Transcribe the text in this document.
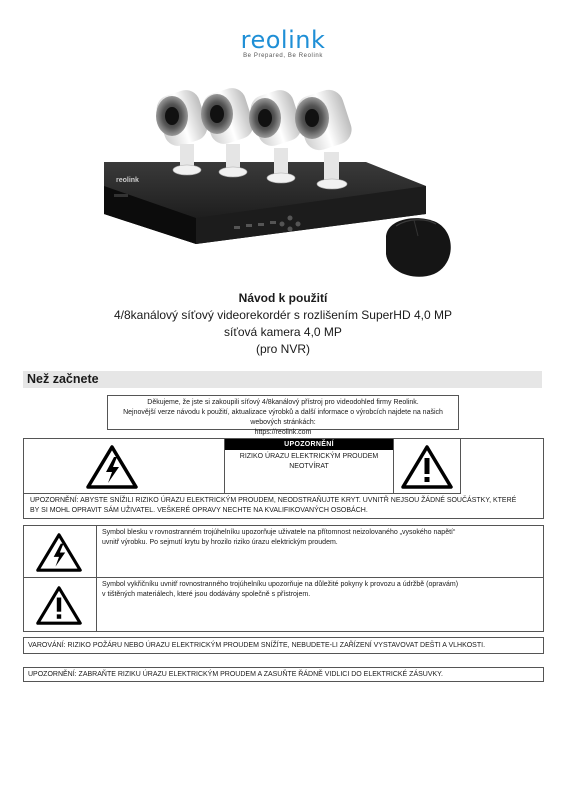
reolink
Be Prepared, Be Reolink
reolink
Návod k použití
4/8kanálový síťový videorekordér s rozlišením SuperHD 4,0 MP
síťová kamera 4,0 MP
(pro NVR)
Než začnete
Děkujeme, že jste si zakoupili síťový 4/8kanálový přístroj pro videodohled firmy Reolink.
Nejnovější verze návodu k použití, aktualizace výrobků a další informace o výrobcích najdete na našich webových stránkách:
https://reolink.com
UPOZORNĚNÍ
RIZIKO ÚRAZU ELEKTRICKÝM PROUDEM
NEOTVÍRAT
UPOZORNĚNÍ: ABYSTE SNÍŽILI RIZIKO ÚRAZU ELEKTRICKÝM PROUDEM, NEODSTRAŇUJTE KRYT. UVNITŘ NEJSOU ŽÁDNÉ SOUČÁSTKY, KTERÉ
BY SI MOHL OPRAVIT SÁM UŽIVATEL. VEŠKERÉ OPRAVY NECHTE NA KVALIFIKOVANÝCH OSOBÁCH.
Symbol blesku v rovnostranném trojúhelníku upozorňuje uživatele na přítomnost neizolovaného „vysokého napětí“
uvnitř výrobku. Po sejmutí krytu by hrozilo riziko úrazu elektrickým proudem.
Symbol vykřičníku uvnitř rovnostranného trojúhelníku upozorňuje na důležité pokyny k provozu a údržbě (opravám)
v tištěných materiálech, které jsou dodávány společně s přístrojem.
VAROVÁNÍ: RIZIKO POŽÁRU NEBO ÚRAZU ELEKTRICKÝM PROUDEM SNÍŽÍTE, NEBUDETE-LI ZAŘÍZENÍ VYSTAVOVAT DEŠTI A VLHKOSTI.
UPOZORNĚNÍ: ZABRAŇTE RIZIKU ÚRAZU ELEKTRICKÝM PROUDEM A ZASUŇTE ŘÁDNĚ VIDLICI DO ELEKTRICKÉ ZÁSUVKY.
